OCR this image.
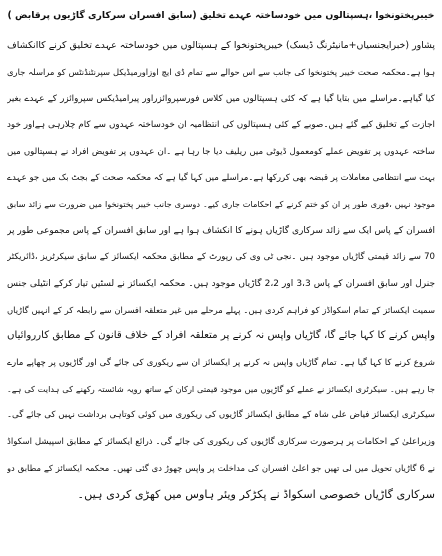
خیبرپختونخوا ،ہسپتالوں میں خودساختہ عہدے تخلیق (سابق افسران سرکاری گاڑیوں پرقابض )
پشاور (خبرایجنسیاں+مانیٹرنگ ڈیسک) خیبرپختونخوا کے ہسپتالوں میں خودساختہ عہدے تخلیق کرنے کاانکشاف
ہوا ہے۔محکمہ صحت خیبر پختونخوا کی جانب سے اس حوالے سے تمام ڈی ایچ اوزاورمیڈیکل سپرنٹنڈنٹس کو مراسلہ جاری
کیا گیاہے۔مراسلے میں بتایا گیا ہے کہ کئی ہسپتالوں میں کلاس فورسپروائزراور پیرامیڈیکس سپروائزر کے عہدے بغیر
اجازت کے تخلیق کیے گئے ہیں۔صوبے کے کئی ہسپتالوں کی انتظامیہ ان خودساختہ عہدوں سے کام چلارہی ہےاور خود
ساختہ عہدوں پر تفویض عملے کومعمول ڈیوٹی میں ریلیف دیا جا رہا ہے ۔ان عہدوں پر تفویض افراد نے ہسپتالوں میں
بہت سے انتظامی معاملات پر قبضہ بھی کررکھا ہے۔مراسلے میں کہا گیا ہے کہ محکمہ صحت کے بجٹ بک میں جو عہدے
موجود نہیں ،فوری طور پر ان کو ختم کرنے کے احکامات جاری کیے۔ دوسری جانب خیبر پختونخوا میں ضرورت سے زائد سابق
افسران کے پاس ایک سے زائد سرکاری گاڑیاں ہونے کا انکشاف ہوا ہے اور سابق افسران کے پاس مجموعی طور پر
70 سے زائد قیمتی گاڑیاں موجود ہیں ۔نجی ٹی وی کی رپورٹ کے مطابق محکمہ ایکسائز کے سابق سیکرٹریز ،ڈائریکٹر
جنرل اور سابق افسران کے پاس 3،3 اور 2،2 گاڑیاں موجود ہیں۔ محکمہ ایکسائز نے لسٹیں تیار کرکے انٹیلی جنس
سمیت ایکسائز کے تمام اسکواڈز کو فراہم کردی ہیں۔ پہلے مرحلے میں غیر متعلقہ افسران سے رابطہ کر کے انہیں گاڑیاں
واپس کرنے کا کہا جائے گا، گاڑیاں واپس نہ کرنے پر متعلقہ افراد کے خلاف قانون کے مطابق کارروائیاں
شروع کرنے کا کہا گیا ہے۔ تمام گاڑیاں واپس نہ کرنے پر ایکسائز ان سے ریکوری کی جائے گی اور گاڑیوں پر چھاپے مارے
جا رہے ہیں۔ سیکرٹری ایکسائز نے عملے کو گاڑیوں میں موجود قیمتی ارکان کے ساتھ رویہ شائستہ رکھنے کی ہدایت کی ہے۔
سیکرٹری ایکسائز فیاض علی شاہ کے مطابق ایکسائز گاڑیوں کی ریکوری میں کوئی کوتاہی برداشت نہیں کی جائے گی۔
وزیراعلیٰ کے احکامات پر ہرصورت سرکاری گاڑیوں کی ریکوری کی جائے گی۔ ذرائع ایکسائز کے مطابق اسپیشل اسکواڈ
نے 6 گاڑیاں تحویل میں لی تھیں جو اعلیٰ افسران کی مداخلت پر واپس چھوڑ دی گئی تھیں۔ محکمہ ایکسائز کے مطابق دو
سرکاری گاڑیاں خصوصی اسکواڈ نے پکڑکر ویئر ہاوس میں کھڑی کردی ہیں۔
